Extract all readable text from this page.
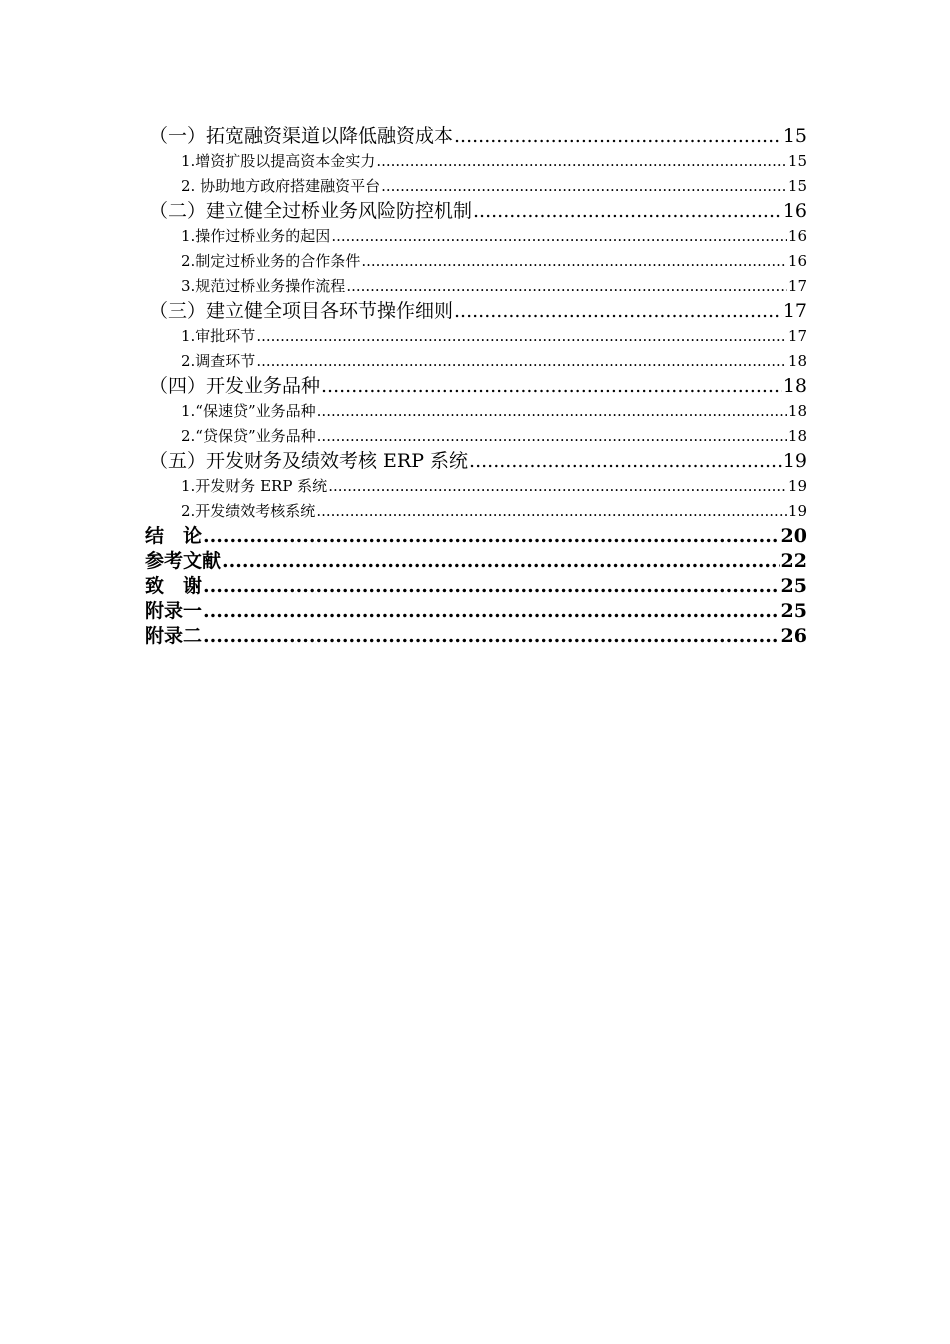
（一）拓宽融资渠道以降低融资成本 .....	15
1.增资扩股以提高资本金实力 .....	15
2. 协助地方政府搭建融资平台 .....	15
（二）建立健全过桥业务风险防控机制 .....	16
1.操作过桥业务的起因 .....	16
2.制定过桥业务的合作条件 .....	16
3.规范过桥业务操作流程 .....	17
（三）建立健全项目各环节操作细则 .....	17
1.审批环节 .....	17
2.调查环节 .....	18
（四）开发业务品种 .....	18
1.“保速贷”业务品种 .....	18
2.“贷保贷”业务品种 .....	18
（五）开发财务及绩效考核 ERP 系统 .....	19
1.开发财务 ERP 系统 .....	19
2.开发绩效考核系统 .....	19
结　论 .....	20
参考文献 .....	22
致　谢 .....	25
附录一 .....	25
附录二 .....	26
